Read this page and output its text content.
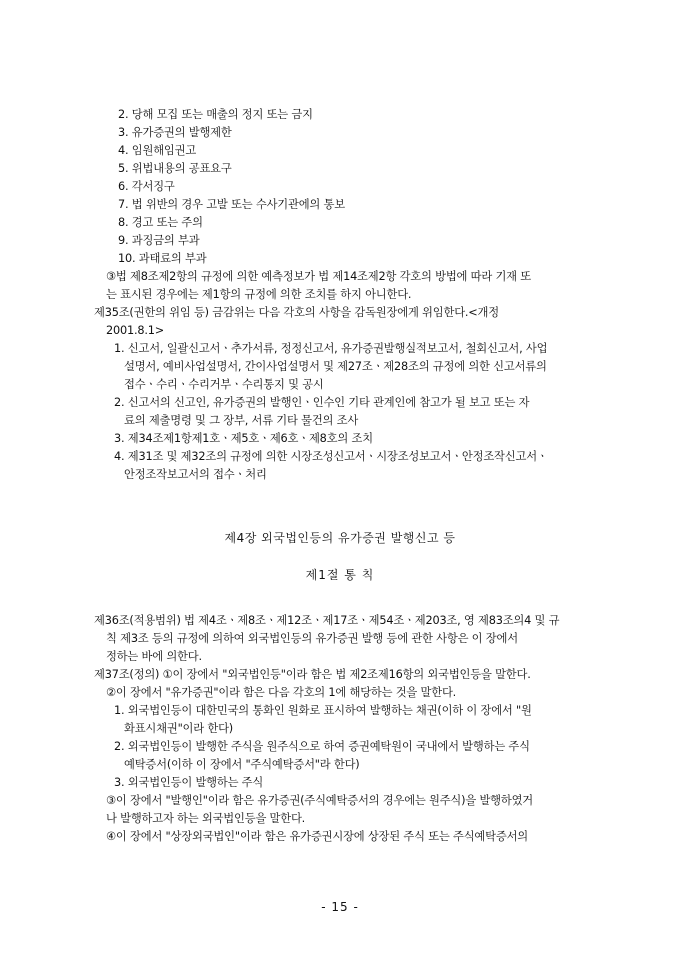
2. 당해 모집 또는 매출의 정지 또는 금지
3. 유가증권의 발행제한
4. 임원해임권고
5. 위법내용의 공표요구
6. 각서징구
7. 법 위반의 경우 고발 또는 수사기관에의 통보
8. 경고 또는 주의
9. 과징금의 부과
10. 과태료의 부과
③법 제8조제2항의 규정에 의한 예측정보가 법 제14조제2항 각호의 방법에 따라 기재 또
는 표시된 경우에는 제1항의 규정에 의한 조치를 하지 아니한다.
제35조(권한의 위임 등) 금감위는 다음 각호의 사항을 감독원장에게 위임한다.<개정
2001.8.1>
1. 신고서, 일괄신고서ㆍ추가서류, 정정신고서, 유가증권발행실적보고서, 철회신고서, 사업
설명서, 예비사업설명서, 간이사업설명서 및 제27조ㆍ제28조의 규정에 의한 신고서류의
접수ㆍ수리ㆍ수리거부ㆍ수리통지 및 공시
2. 신고서의 신고인, 유가증권의 발행인ㆍ인수인 기타 관계인에 참고가 될 보고 또는 자
료의 제출명령 및 그 장부, 서류 기타 물건의 조사
3. 제34조제1항제1호ㆍ제5호ㆍ제6호ㆍ제8호의 조치
4. 제31조 및 제32조의 규정에 의한 시장조성신고서ㆍ시장조성보고서ㆍ안정조작신고서ㆍ
안정조작보고서의 접수ㆍ처리
제4장 외국법인등의 유가증권 발행신고 등
제1절 통 칙
제36조(적용범위) 법 제4조ㆍ제8조ㆍ제12조ㆍ제17조ㆍ제54조ㆍ제203조, 영 제83조의4 및 규
칙 제3조 등의 규정에 의하여 외국법인등의 유가증권 발행 등에 관한 사항은 이 장에서
정하는 바에 의한다.
제37조(정의) ①이 장에서 "외국법인등"이라 함은 법 제2조제16항의 외국법인등을 말한다.
②이 장에서 "유가증권"이라 함은 다음 각호의 1에 해당하는 것을 말한다.
1. 외국법인등이 대한민국의 통화인 원화로 표시하여 발행하는 채권(이하 이 장에서 "원
화표시채권"이라 한다)
2. 외국법인등이 발행한 주식을 원주식으로 하여 증권예탁원이 국내에서 발행하는 주식
예탁증서(이하 이 장에서 "주식예탁증서"라 한다)
3. 외국법인등이 발행하는 주식
③이 장에서 "발행인"이라 함은 유가증권(주식예탁증서의 경우에는 원주식)을 발행하였거
나 발행하고자 하는 외국법인등을 말한다.
④이 장에서 "상장외국법인"이라 함은 유가증권시장에 상장된 주식 또는 주식예탁증서의
- 15 -
